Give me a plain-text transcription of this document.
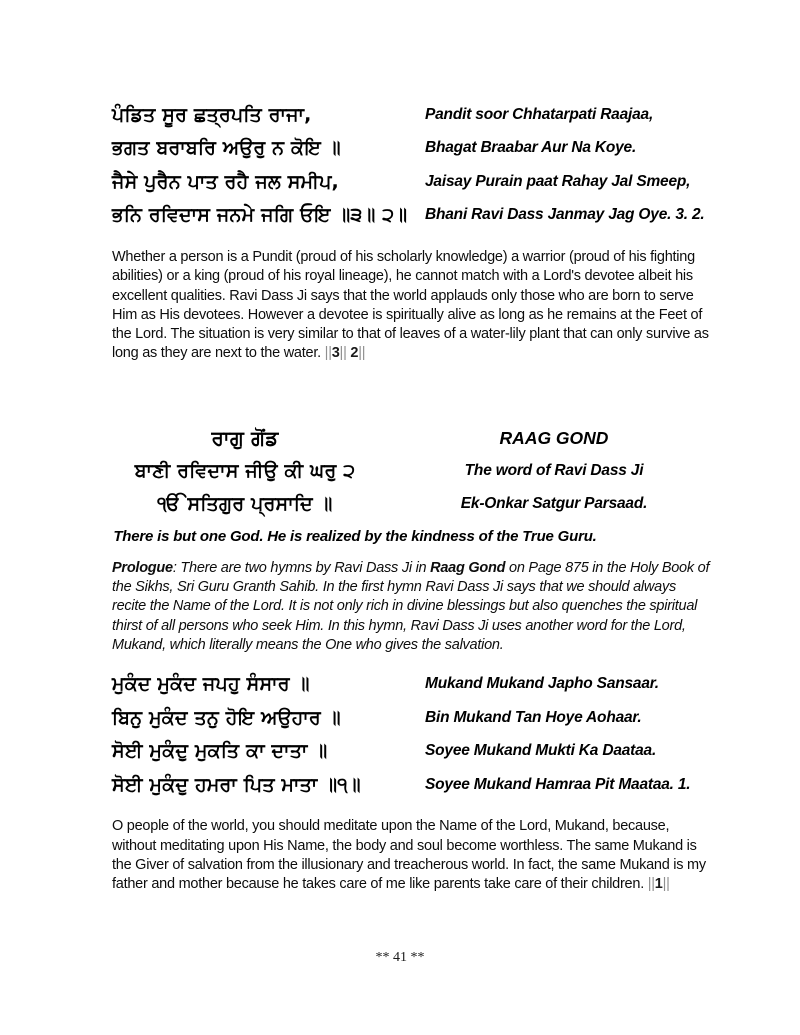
ਪੰਡਿਤ ਸੂਰ ਛਤ੍ਰਪਤਿ ਰਾਜਾ,	Pandit soor Chhatarpati Raajaa,
ਭਗਤ ਬਰਾਬਰਿ ਅਉਰੁ ਨ ਕੋਇ ॥	Bhagat Braabar Aur Na Koye.
ਜੈਸੇ ਪੁਰੈਨ ਪਾਤ ਰਹੈ ਜਲ ਸਮੀਪ,	Jaisay Purain paat Rahay Jal Smeep,
ਭਨਿ ਰਵਿਦਾਸ ਜਨਮੇ ਜਗਿ ਓਇ ॥੩॥ ੨॥	Bhani Ravi Dass Janmay Jag Oye. 3. 2.

Whether a person is a Pundit (proud of his scholarly knowledge) a warrior (proud of his fighting abilities) or a king (proud of his royal lineage), he cannot match with a Lord's devotee albeit his excellent qualities. Ravi Dass Ji says that the world applauds only those who are born to serve Him as His devotees. However a devotee is spiritually alive as long as he remains at the Feet of the Lord. The situation is very similar to that of leaves of a water-lily plant that can only survive as long as they are next to the water. ||3|| 2||

ਰਾਗੁ ਗੋਂਡ	RAAG GOND
ਬਾਣੀ ਰਵਿਦਾਸ ਜੀਉ ਕੀ ਘਰੁ ੨	The word of Ravi Dass Ji
ੴ ਸਤਿਗੁਰ ਪ੍ਰਸਾਦਿ ॥	Ek-Onkar Satgur Parsaad.
There is but one God. He is realized by the kindness of the True Guru.

Prologue: There are two hymns by Ravi Dass Ji in Raag Gond on Page 875 in the Holy Book of the Sikhs, Sri Guru Granth Sahib. In the first hymn Ravi Dass Ji says that we should always recite the Name of the Lord. It is not only rich in divine blessings but also quenches the spiritual thirst of all persons who seek Him. In this hymn, Ravi Dass Ji uses another word for the Lord, Mukand, which literally means the One who gives the salvation.

ਮੁਕੰਦ ਮੁਕੰਦ ਜਪਹੁ ਸੰਸਾਰ ॥	Mukand Mukand Japho Sansaar.
ਬਿਨੁ ਮੁਕੰਦ ਤਨੁ ਹੋਇ ਅਉਹਾਰ ॥	Bin Mukand Tan Hoye Aohaar.
ਸੋਈ ਮੁਕੰਦੁ ਮੁਕਤਿ ਕਾ ਦਾਤਾ ॥	Soyee Mukand Mukti Ka Daataa.
ਸੋਈ ਮੁਕੰਦੁ ਹਮਰਾ ਪਿਤ ਮਾਤਾ ॥੧॥	Soyee Mukand Hamraa Pit Maataa. 1.

O people of the world, you should meditate upon the Name of the Lord, Mukand, because, without meditating upon His Name, the body and soul become worthless. The same Mukand is the Giver of salvation from the illusionary and treacherous world. In fact, the same Mukand is my father and mother because he takes care of me like parents take care of their children. ||1||

** 41 **
